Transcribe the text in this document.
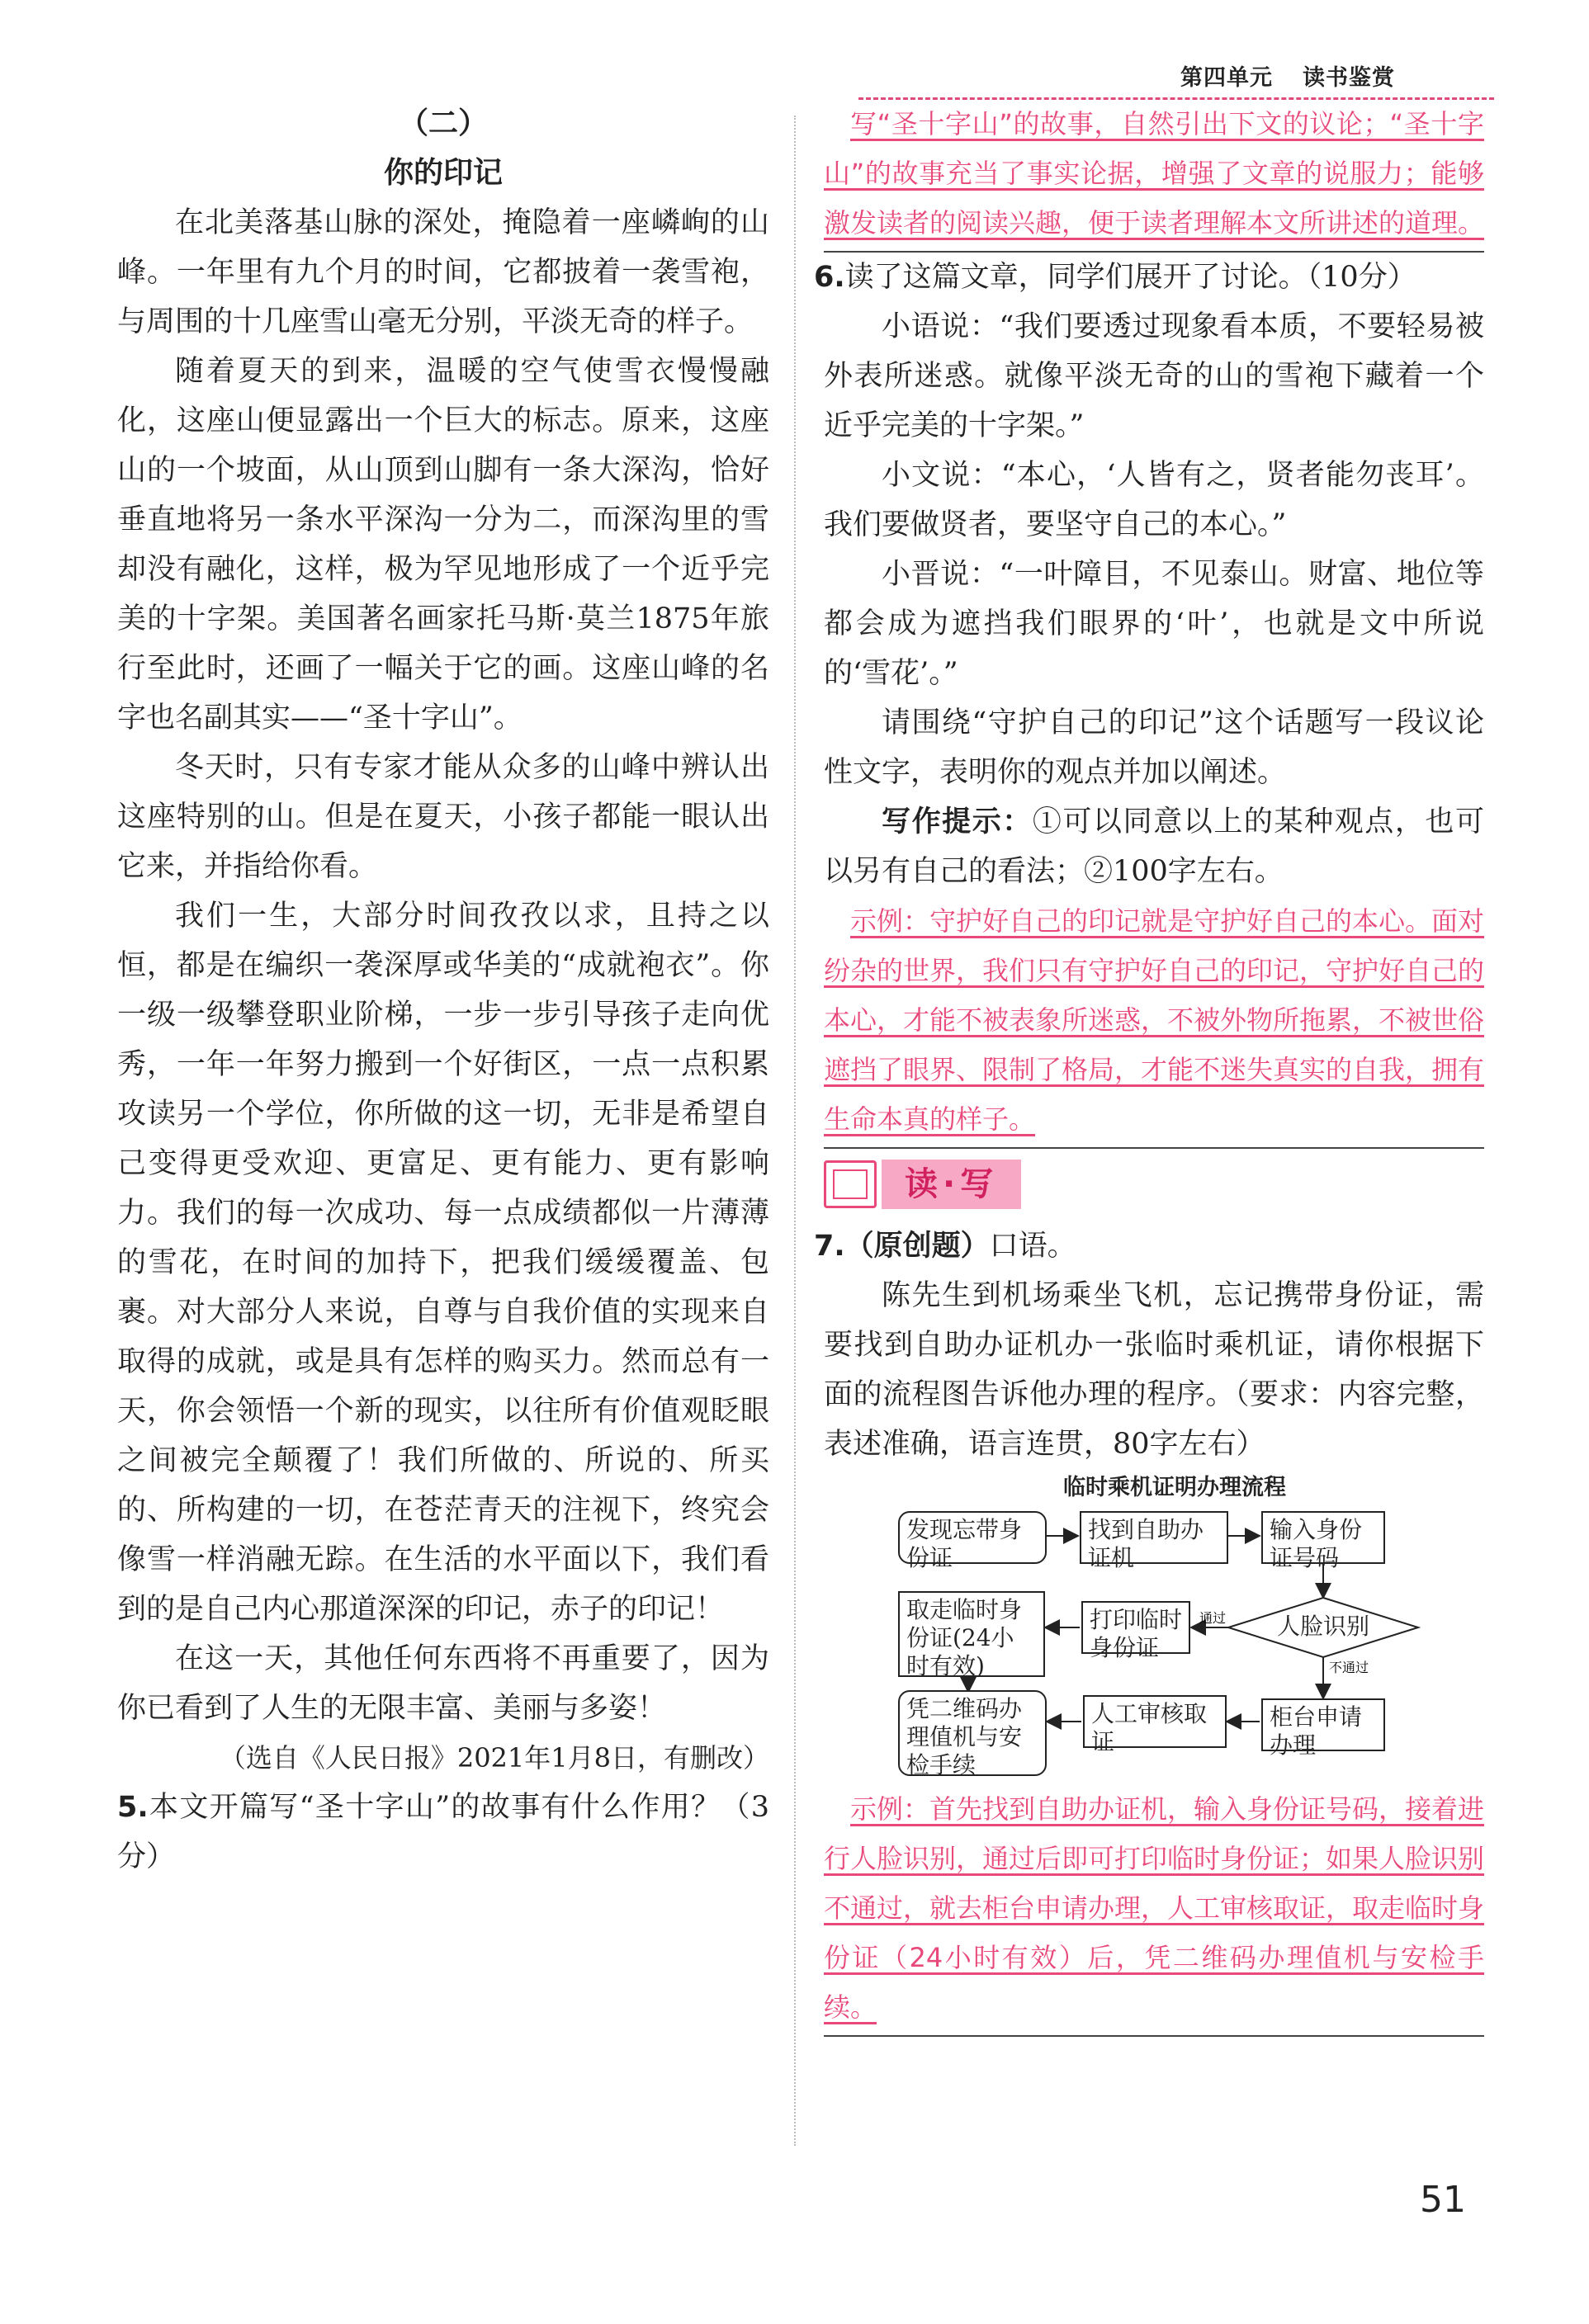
第四单元 读书鉴赏

（二）

你的印记

在北美落基山脉的深处，掩隐着一座嶙峋的山峰。一年里有九个月的时间，它都披着一袭雪袍，与周围的十几座雪山毫无分别，平淡无奇的样子。

随着夏天的到来，温暖的空气使雪衣慢慢融化，这座山便显露出一个巨大的标志。原来，这座山的一个坡面，从山顶到山脚有一条大深沟，恰好垂直地将另一条水平深沟一分为二，而深沟里的雪却没有融化，这样，极为罕见地形成了一个近乎完美的十字架。美国著名画家托马斯·莫兰1875年旅行至此时，还画了一幅关于它的画。这座山峰的名字也名副其实——“圣十字山”。

冬天时，只有专家才能从众多的山峰中辨认出这座特别的山。但是在夏天，小孩子都能一眼认出它来，并指给你看。

我们一生，大部分时间孜孜以求，且持之以恒，都是在编织一袭深厚或华美的“成就袍衣”。你一级一级攀登职业阶梯，一步一步引导孩子走向优秀，一年一年努力搬到一个好街区，一点一点积累攻读另一个学位，你所做的这一切，无非是希望自己变得更受欢迎、更富足、更有能力、更有影响力。我们的每一次成功、每一点成绩都似一片薄薄的雪花，在时间的加持下，把我们缓缓覆盖、包裹。对大部分人来说，自尊与自我价值的实现来自取得的成就，或是具有怎样的购买力。然而总有一天，你会领悟一个新的现实，以往所有价值观眨眼之间被完全颠覆了！我们所做的、所说的、所买的、所构建的一切，在苍茫青天的注视下，终究会像雪一样消融无踪。在生活的水平面以下，我们看到的是自己内心那道深深的印记，赤子的印记！

在这一天，其他任何东西将不再重要了，因为你已看到了人生的无限丰富、美丽与多姿！

（选自《人民日报》2021年1月8日，有删改）

5.本文开篇写“圣十字山”的故事有什么作用？（3分）

写“圣十字山”的故事，自然引出下文的议论；“圣十字山”的故事充当了事实论据，增强了文章的说服力；能够激发读者的阅读兴趣，便于读者理解本文所讲述的道理。

6.读了这篇文章，同学们展开了讨论。（10分）

小语说：“我们要透过现象看本质，不要轻易被外表所迷惑。就像平淡无奇的山的雪袍下藏着一个近乎完美的十字架。”

小文说：“本心，‘人皆有之，贤者能勿丧耳’。我们要做贤者，要坚守自己的本心。”

小晋说：“一叶障目，不见泰山。财富、地位等都会成为遮挡我们眼界的‘叶’，也就是文中所说的‘雪花’。”

请围绕“守护自己的印记”这个话题写一段议论性文字，表明你的观点并加以阐述。

写作提示：①可以同意以上的某种观点，也可以另有自己的看法；②100字左右。

示例：守护好自己的印记就是守护好自己的本心。面对纷杂的世界，我们只有守护好自己的印记，守护好自己的本心，才能不被表象所迷惑，不被外物所拖累，不被世俗遮挡了眼界、限制了格局，才能不迷失真实的自我，拥有生命本真的样子。

读·写

7.（原创题）口语。

陈先生到机场乘坐飞机，忘记携带身份证，需要找到自助办证机办一张临时乘机证，请你根据下面的流程图告诉他办理的程序。（要求：内容完整，表述准确，语言连贯，80字左右）

临时乘机证明办理流程
通过
不通过
发现忘带身份证
找到自助办证机
输入身份证号码
人脸识别
打印临时身份证
取走临时身份证(24小时有效)
凭二维码办理值机与安检手续
人工审核取证
柜台申请办理

示例：首先找到自助办证机，输入身份证号码，接着进行人脸识别，通过后即可打印临时身份证；如果人脸识别不通过，就去柜台申请办理，人工审核取证，取走临时身份证（24小时有效）后，凭二维码办理值机与安检手续。

51
